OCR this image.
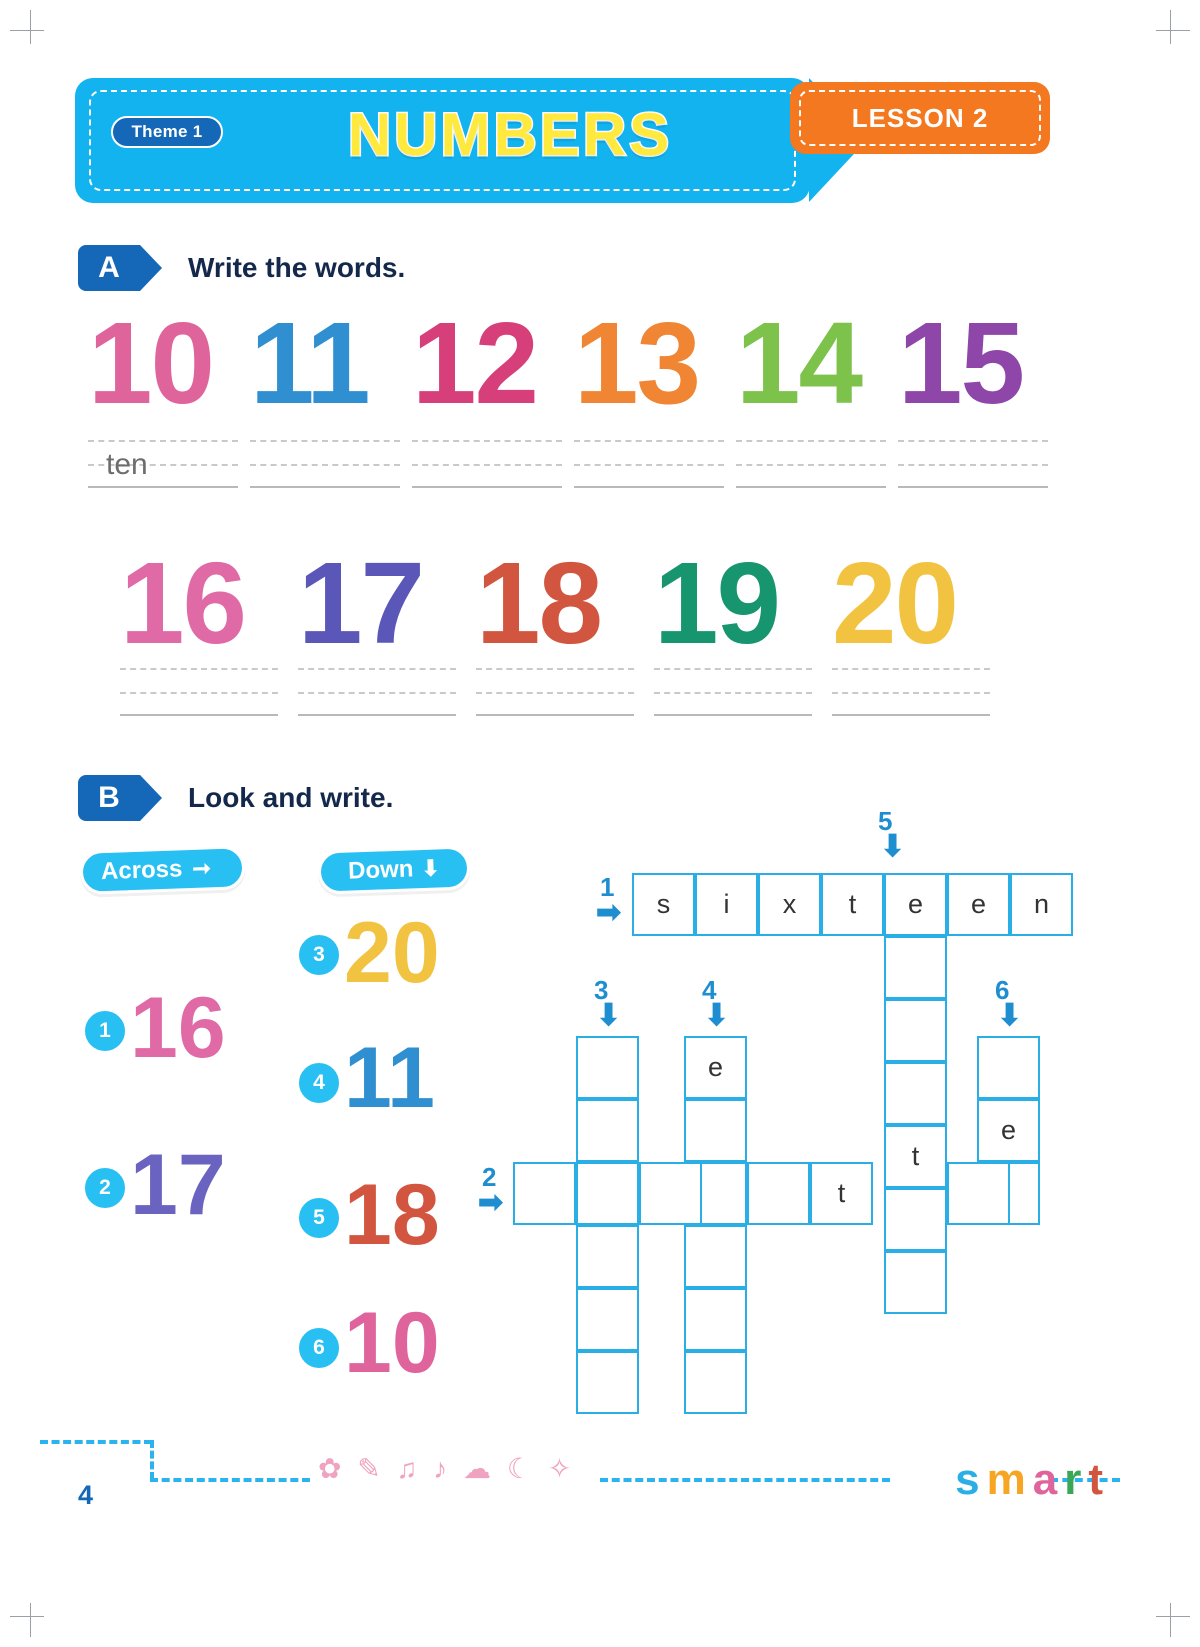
Theme 1	NUMBERS	LESSON 2
A	Write the words.
10
ten
11 12 13 14 15
16 17 18 19 20
B	Look and write.
Across ➞	Down ⬇
1 16
2 17
3 20
4 11
5 18
6 10
s	i	x	t	e	e	n
t
e
e
t
1
➡
5
⬇
3
⬇
4
⬇
6
⬇
2
➡
4
✿ ✎ ♫ ♪ ☁ ☾ ✧	smart
